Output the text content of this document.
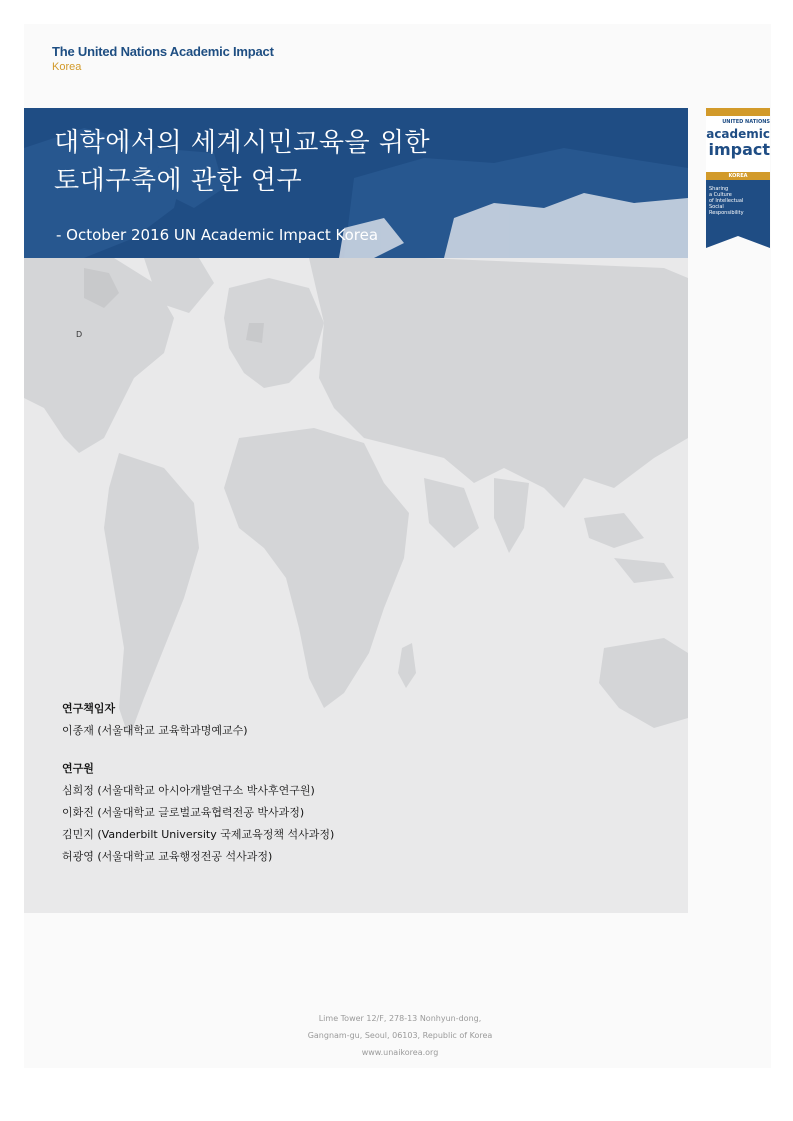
The United Nations Academic Impact
Korea
대학에서의 세계시민교육을 위한
토대구축에 관한 연구
- October 2016 UN Academic Impact Korea
UNITED NATIONS
academic
impact
KOREA
Sharing
a Culture
of Intellectual
Social
Responsibility
D
연구책임자
이종재 (서울대학교 교육학과명예교수)
연구원
심희정 (서울대학교 아시아개발연구소 박사후연구원)
이화진 (서울대학교 글로벌교육협력전공 박사과정)
김민지 (Vanderbilt University 국제교육정책 석사과정)
허광영 (서울대학교 교육행정전공 석사과정)
Lime Tower 12/F, 278-13 Nonhyun-dong,
Gangnam-gu, Seoul, 06103, Republic of Korea
www.unaikorea.org
